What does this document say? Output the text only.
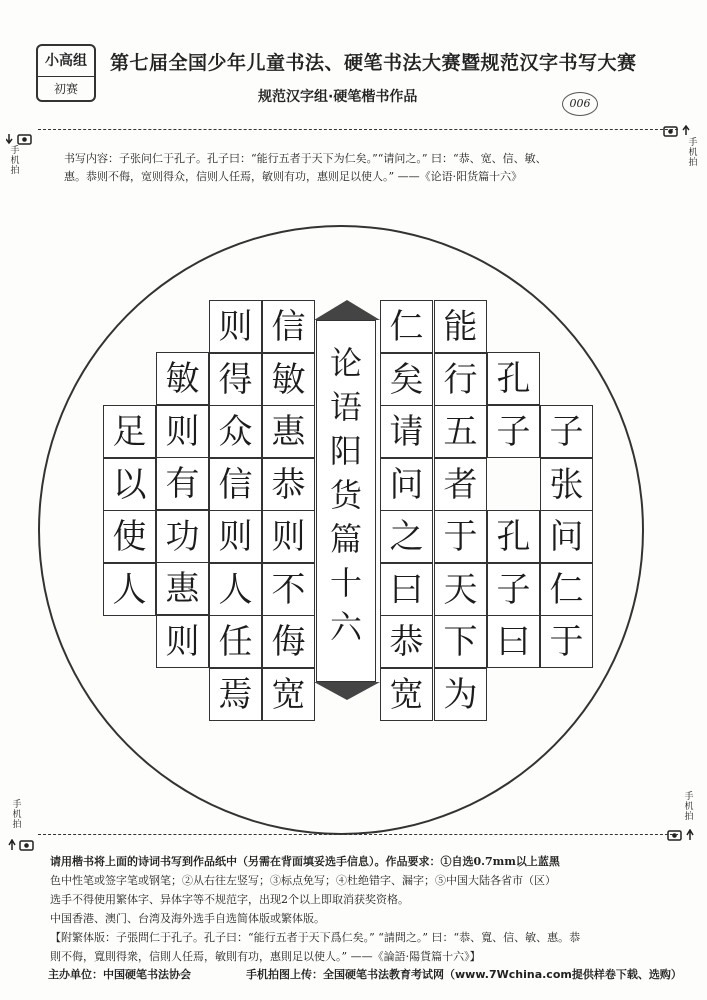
小高组
初赛
第七届全国少年儿童书法、硬笔书法大赛暨规范汉字书写大赛
规范汉字组·硬笔楷书作品	006
手机拍
手机拍
手机拍
手机拍
书写内容：子张问仁于孔子。孔子曰：“能行五者于天下为仁矣。”“请问之。” 曰：“恭、宽、信、敏、
惠。恭则不侮，宽则得众，信则人任焉，敏则有功，惠则足以使人。” ——《论语·阳货篇十六》
子
张
问
仁
于
孔
子
孔
子
曰
能
行
五
者
于
天
下
为
仁
矣
请
问
之
曰
恭
宽
信
敏
惠
恭
则
不
侮
宽
则
得
众
信
则
人
任
焉
敏
则
有
功
惠
则
足
以
使
人
论
语
阳
货
篇
十
六
请用楷书将上面的诗词书写到作品纸中（另需在背面填妥选手信息）。作品要求：①自选0.7mm以上蓝黑
色中性笔或签字笔或钢笔；②从右往左竖写；③标点免写；④杜绝错字、漏字；⑤中国大陆各省市（区）
选手不得使用繁体字、异体字等不规范字，出现2个以上即取消获奖资格。
中国香港、澳门、台湾及海外选手自选简体版或繁体版。
【附繁体版：子張問仁于孔子。孔子曰：“能行五者于天下爲仁矣。” “請問之。” 曰：“恭、寬、信、敏、惠。恭
則不侮，寬則得衆，信則人任焉，敏則有功，惠則足以使人。” ——《論語·陽貨篇十六》】
主办单位：中国硬笔书法协会	手机拍图上传：全国硬笔书法教育考试网（www.7Wchina.com提供样卷下载、选购）
